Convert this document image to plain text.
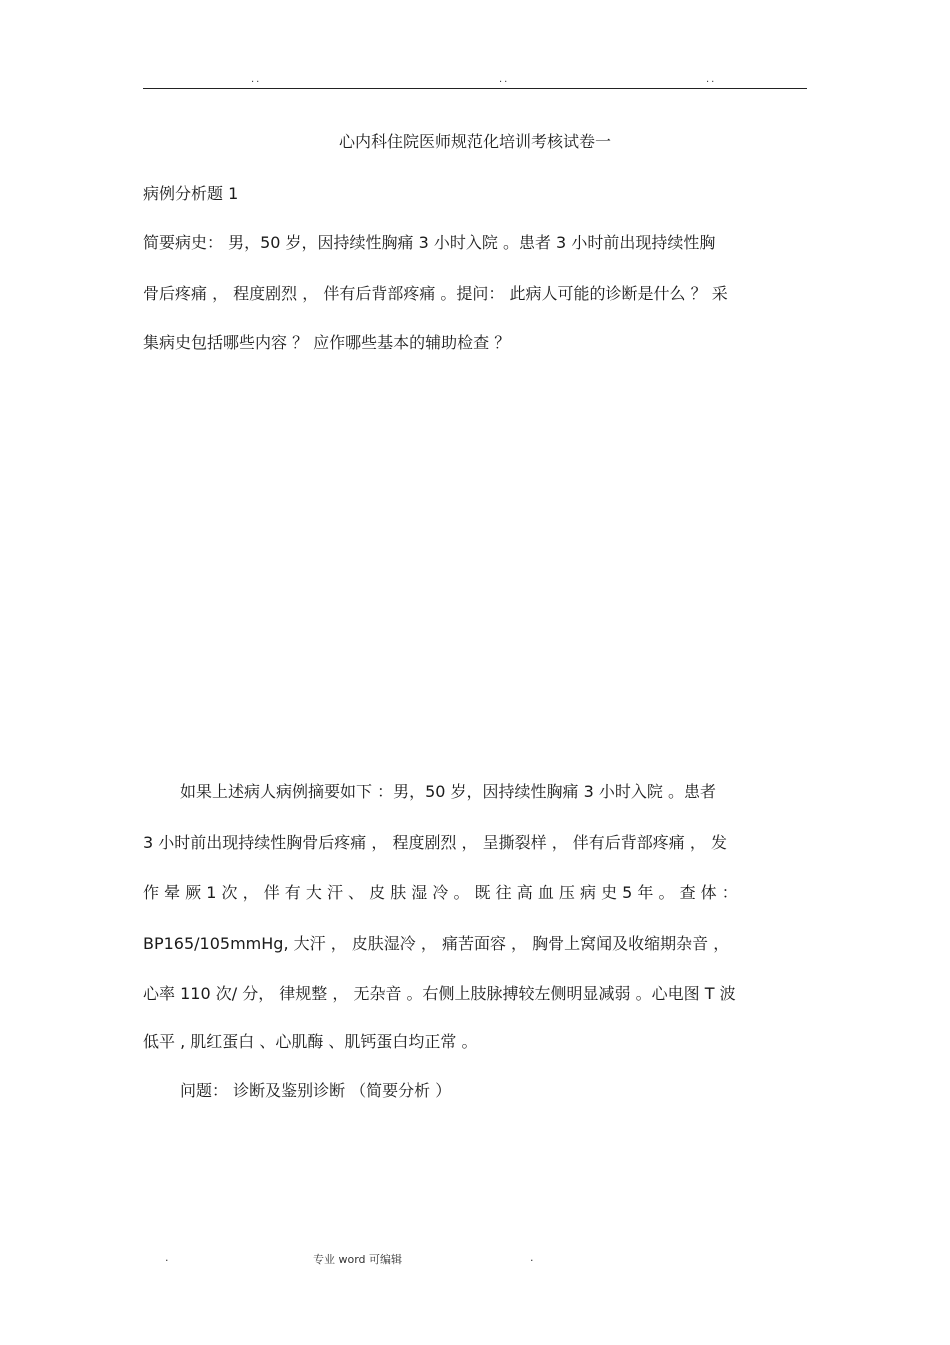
..	..	..
心内科住院医师规范化培训考核试卷一
病例分析题 1
简要病史： 男，50 岁，因持续性胸痛 3 小时入院 。患者 3 小时前出现持续性胸
骨后疼痛 ， 程度剧烈 ， 伴有后背部疼痛 。提问： 此病人可能的诊断是什么 ？ 采
集病史包括哪些内容 ？ 应作哪些基本的辅助检查 ？
如果上述病人病例摘要如下 ：男，50 岁，因持续性胸痛 3 小时入院 。患者
3 小时前出现持续性胸骨后疼痛 ， 程度剧烈 ， 呈撕裂样 ， 伴有后背部疼痛 ， 发
作 晕 厥 1 次 ， 伴 有 大 汗 、 皮 肤 湿 冷 。 既 往 高 血 压 病 史 5 年 。 查 体 ：
BP165/105mmHg, 大汗 ， 皮肤湿冷 ， 痛苦面容 ， 胸骨上窝闻及收缩期杂音 ，
心率 110 次/ 分， 律规整 ， 无杂音 。右侧上肢脉搏较左侧明显减弱 。心电图 T 波
低平 , 肌红蛋白 、心肌酶 、肌钙蛋白均正常 。
问题： 诊断及鉴别诊断 （简要分析 ）
.	专业 word 可编辑	.
